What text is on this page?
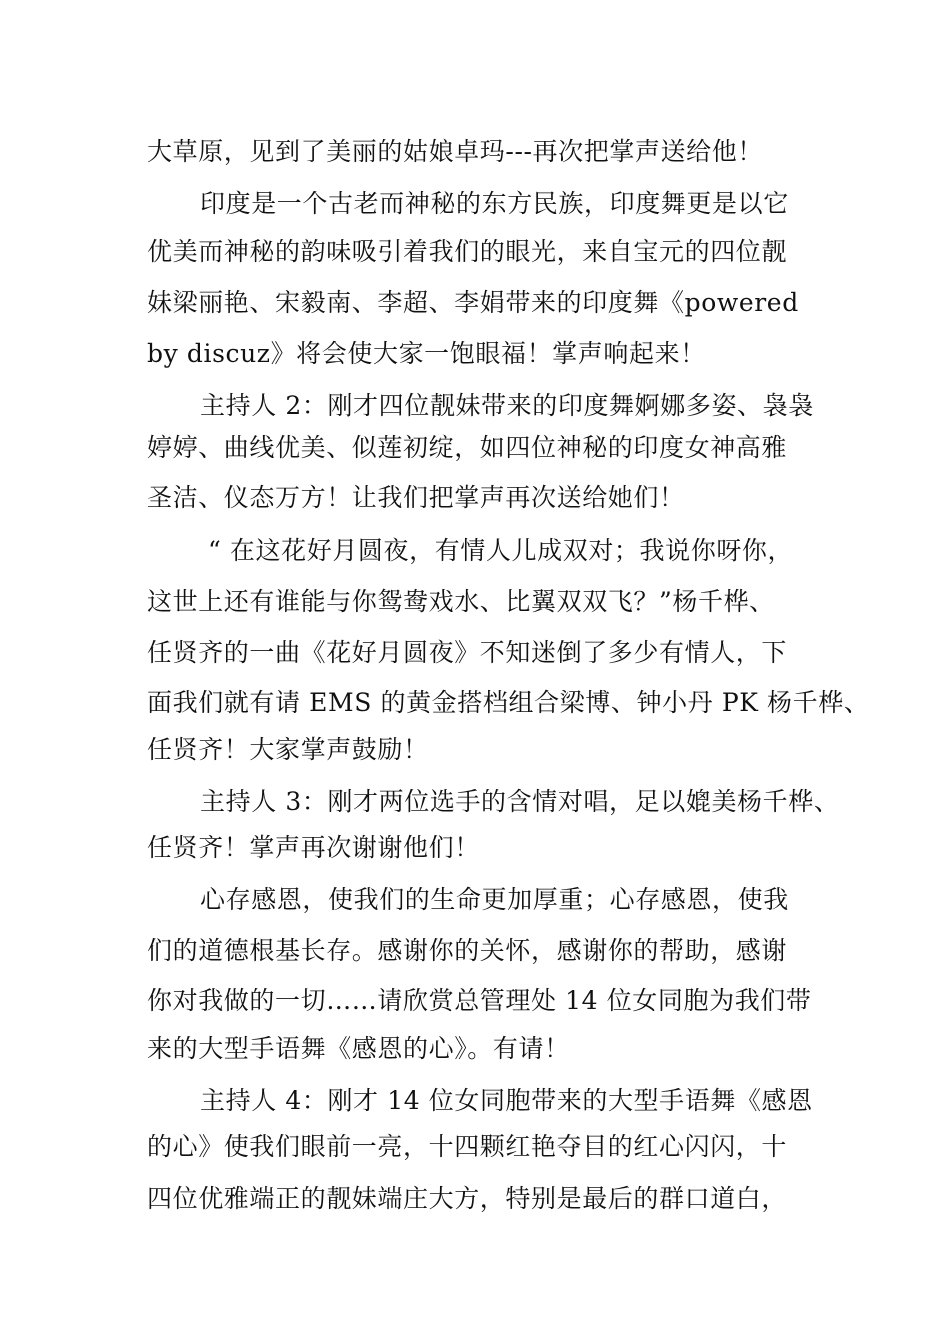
大草原，见到了美丽的姑娘卓玛---再次把掌声送给他！
印度是一个古老而神秘的东方民族，印度舞更是以它
优美而神秘的韵味吸引着我们的眼光，来自宝元的四位靓
妹梁丽艳、宋毅南、李超、李娟带来的印度舞《powered
by discuz》将会使大家一饱眼福！掌声响起来！
主持人 2：刚才四位靓妹带来的印度舞婀娜多姿、袅袅
婷婷、曲线优美、似莲初绽，如四位神秘的印度女神高雅
圣洁、仪态万方！让我们把掌声再次送给她们！
“ 在这花好月圆夜，有情人儿成双对；我说你呀你，
这世上还有谁能与你鸳鸯戏水、比翼双双飞？”杨千桦、
任贤齐的一曲《花好月圆夜》不知迷倒了多少有情人，下
面我们就有请 EMS 的黄金搭档组合梁博、钟小丹 PK 杨千桦、
任贤齐！大家掌声鼓励！
主持人 3：刚才两位选手的含情对唱，足以媲美杨千桦、
任贤齐！掌声再次谢谢他们！
心存感恩，使我们的生命更加厚重；心存感恩，使我
们的道德根基长存。感谢你的关怀，感谢你的帮助，感谢
你对我做的一切……请欣赏总管理处 14 位女同胞为我们带
来的大型手语舞《感恩的心》。有请！
主持人 4：刚才 14 位女同胞带来的大型手语舞《感恩
的心》使我们眼前一亮，十四颗红艳夺目的红心闪闪，十
四位优雅端正的靓妹端庄大方，特别是最后的群口道白，
